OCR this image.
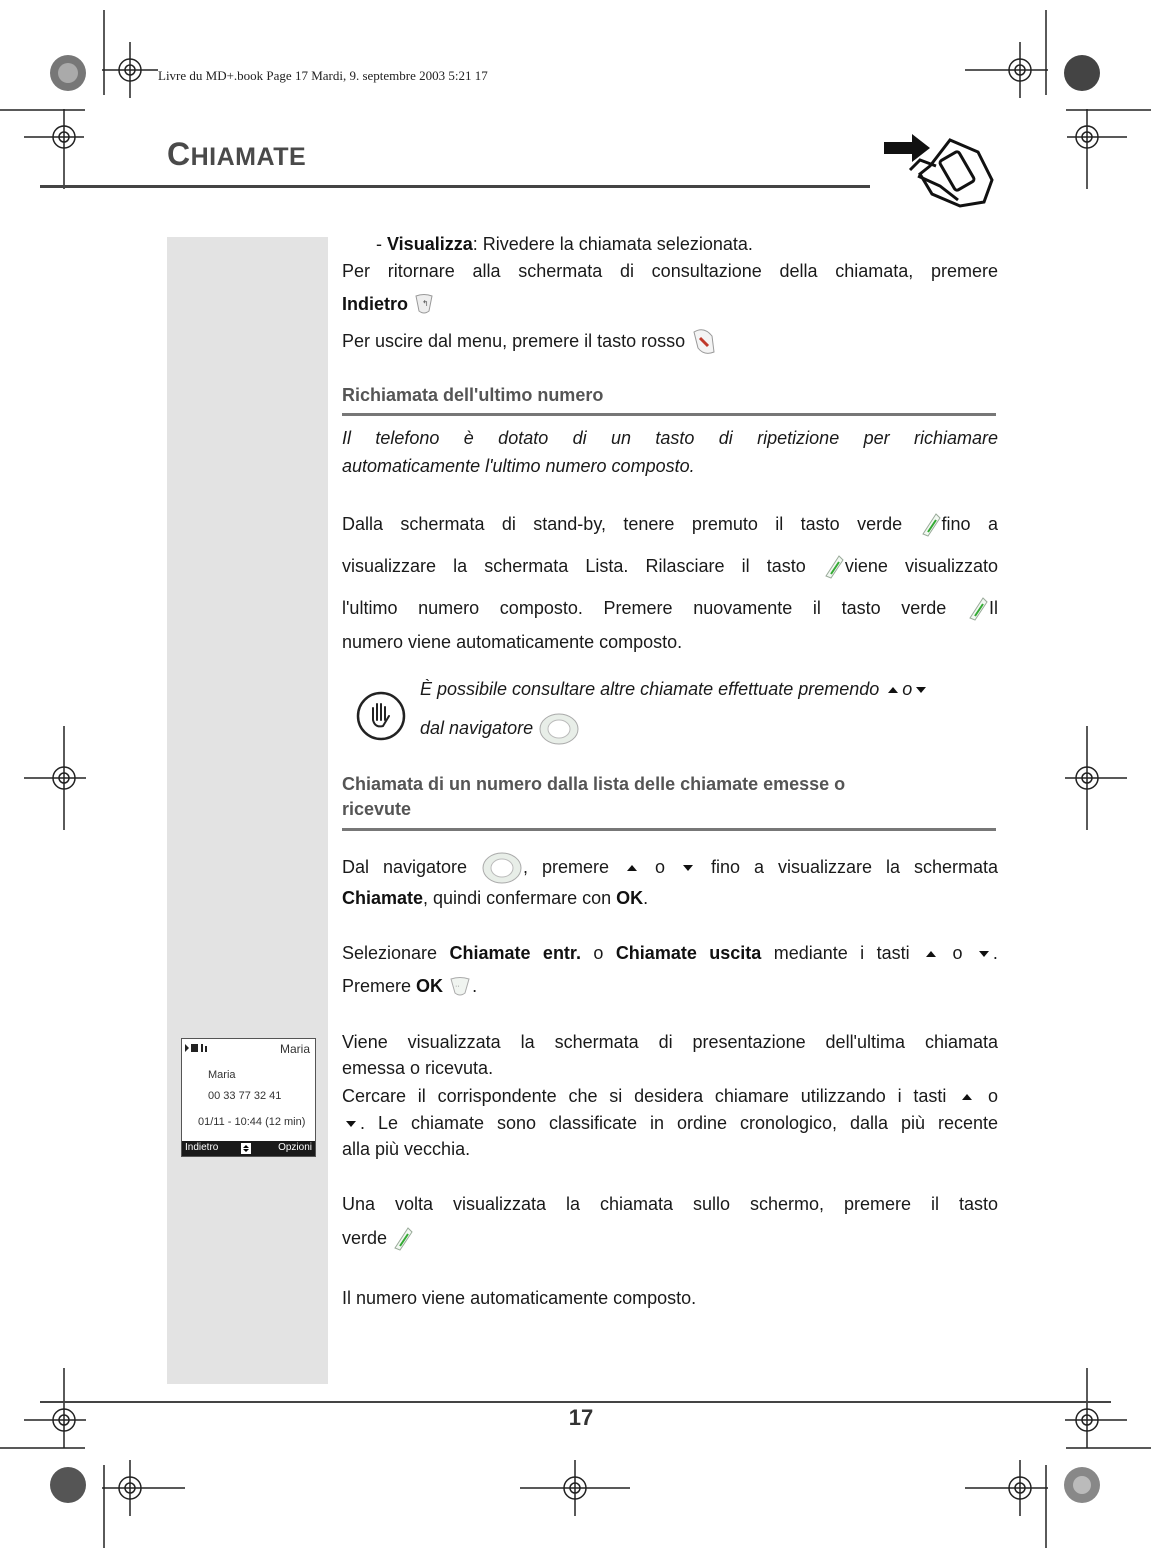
Livre du MD+.book Page 17 Mardi, 9. septembre 2003 5:21 17
CHIAMATE
- Visualizza: Rivedere la chiamata selezionata.
Per ritornare alla schermata di consultazione della chiamata, premere
Indietro ↰
Per uscire dal menu, premere il tasto rosso
Richiamata dell'ultimo numero
Il telefono è dotato di un tasto di ripetizione per richiamare
automaticamente l'ultimo numero composto.
Dalla schermata di stand-by, tenere premuto il tasto verde fino a
visualizzare la schermata Lista. Rilasciare il tasto viene visualizzato
l'ultimo numero composto. Premere nuovamente il tasto verde Il
numero viene automaticamente composto.
È possibile consultare altre chiamate effettuate premendo o
dal navigatore
Chiamata di un numero dalla lista delle chiamate emesse o
ricevute
Dal navigatore	, premere	o	fino a visualizzare la schermata
Chiamate, quindi confermare con OK.
Selezionare Chiamate entr. o Chiamate uscita mediante i tasti o .
Premere OK ·· .
Viene visualizzata la schermata di presentazione dell'ultima chiamata
emessa o ricevuta.
Cercare il corrispondente che si desidera chiamare utilizzando i tasti o
. Le chiamate sono classificate in ordine cronologico, dalla più recente
alla più vecchia.
Una volta visualizzata la chiamata sullo schermo, premere il tasto
verde
Il numero viene automaticamente composto.
Maria
Maria
00 33 77 32 41
01/11 - 10:44 (12 min)
Indietro	Opzioni
17
